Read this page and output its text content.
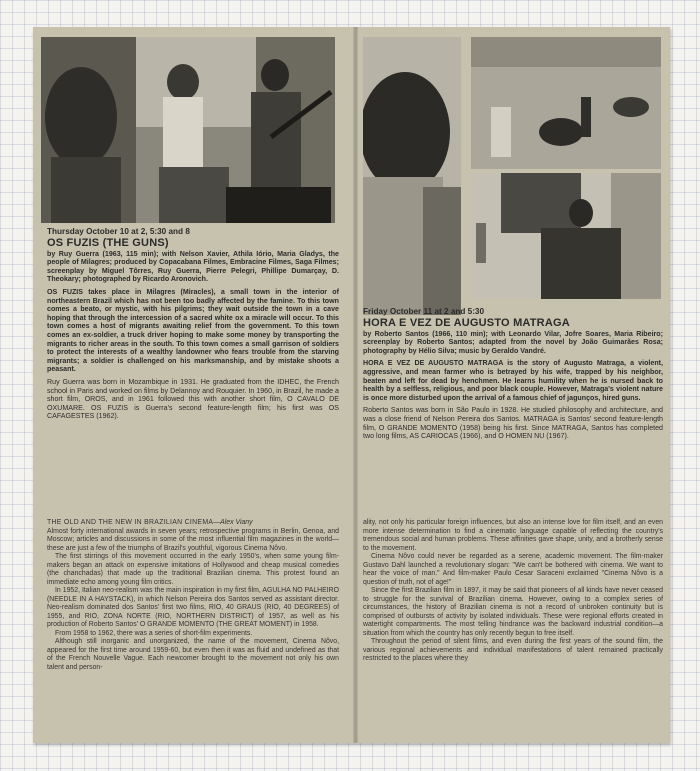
Thursday October 10 at 2, 5:30 and 8
OS FUZIS (THE GUNS)

by Ruy Guerra (1963, 115 min); with Nelson Xavier, Athila Iório, Maria Gladys, the people of Milagres; produced by Copacabana Filmes, Embracine Filmes, Saga Filmes; screenplay by Miguel Tôrres, Ruy Guerra, Pierre Pelegri, Phillipe Dumarçay, D. Theokary; photographed by Ricardo Aronovich.

OS FUZIS takes place in Milagres (Miracles), a small town in the interior of northeastern Brazil which has not been too badly affected by the famine. To this town comes a beato, or mystic, with his pilgrims; they wait outside the town in a cave hoping that through the intercession of a sacred white ox a miracle will occur. To this town comes a host of migrants awaiting relief from the government. To this town comes an ex-soldier, a truck driver hoping to make some money by transporting the migrants to richer areas in the south. To this town comes a small garrison of soldiers to protect the interests of a wealthy landowner who fears trouble from the starving migrants; a soldier is challenged on his marksmanship, and by mistake shoots a peasant.

Ruy Guerra was born in Mozambique in 1931. He graduated from the IDHEC, the French school in Paris and worked on films by Delannoy and Rouquier. In 1960, in Brazil, he made a short film, OROS, and in 1961 followed this with another short film, O CAVALO DE OXUMARE. OS FUZIS is Guerra's second feature-length film; his first was OS CAFAGESTES (1962).

Friday October 11 at 2 and 5:30
HORA E VEZ DE AUGUSTO MATRAGA

by Roberto Santos (1966, 110 min); with Leonardo Vilar, Jofre Soares, Maria Ribeiro; screenplay by Roberto Santos; adapted from the novel by João Guimarães Rosa; photography by Hélio Silva; music by Geraldo Vandré.

HORA E VEZ DE AUGUSTO MATRAGA is the story of Augusto Matraga, a violent, aggressive, and mean farmer who is betrayed by his wife, trapped by his neighbor, beaten and left for dead by henchmen. He learns humility when he is nursed back to health by a selfless, religious, and poor black couple. However, Matraga's violent nature is once more disturbed upon the arrival of a famous chief of jagunços, hired guns.

Roberto Santos was born in São Paulo in 1928. He studied philosophy and architecture, and was a close friend of Nelson Pereira dos Santos. MATRAGA is Santos' second feature-length film, O GRANDE MOMENTO (1958) being his first. Since MATRAGA, Santos has completed two long films, AS CARIOCAS (1966), and O HOMEN NU (1967).

THE OLD AND THE NEW IN BRAZILIAN CINEMA—Alex Viany

Almost forty international awards in seven years; retrospective programs in Berlin, Genoa, and Moscow; articles and discussions in some of the most influential film magazines in the world—these are just a few of the triumphs of Brazil's youthful, vigorous Cinema Nôvo.

The first stirrings of this movement occurred in the early 1950's, when some young film-makers began an attack on expensive imitations of Hollywood and cheap musical comedies (the chanchadas) that made up the traditional Brazilian cinema. This protest found an immediate echo among young film critics.

In 1952, Italian neo-realism was the main inspiration in my first film, AGULHA NO PALHEIRO (NEEDLE IN A HAYSTACK), in which Nelson Pereira dos Santos served as assistant director. Neo-realism dominated dos Santos' first two films, RIO, 40 GRAUS (RIO, 40 DEGREES) of 1955, and RIO, ZONA NORTE (RIO, NORTHERN DISTRICT) of 1957, as well as his production of Roberto Santos' O GRANDE MOMENTO (THE GREAT MOMENT) in 1958.

From 1958 to 1962, there was a series of short-film experiments.

Although still inorganic and unorganized, the name of the movement, Cinema Nôvo, appeared for the first time around 1959-60, but even then it was as fluid and undefined as that of the French Nouvelle Vague. Each newcomer brought to the movement not only his own talent and person-

ality, not only his particular foreign influences, but also an intense love for film itself, and an even more intense determination to find a cinematic language capable of reflecting the country's tremendous social and human problems. These affinities gave shape, unity, and a brotherly sense to the movement.

Cinema Nôvo could never be regarded as a serene, academic movement. The film-maker Gustavo Dahl launched a revolutionary slogan: "We can't be bothered with cinema. We want to hear the voice of man." And film-maker Paulo Cesar Saraceni exclaimed "Cinema Nôvo is a question of truth, not of age!"

Since the first Brazilian film in 1897, it may be said that pioneers of all kinds have never ceased to struggle for the survival of Brazilian cinema. However, owing to a complex series of circumstances, the history of Brazilian cinema is not a record of unbroken continuity but is comprised of outbursts of activity by isolated individuals. These were regional efforts created in watertight compartments. The most telling hindrance was the backward industrial condition—a situation from which the country has only recently begun to free itself.

Throughout the period of silent films, and even during the first years of the sound film, the various regional achievements and individual manifestations of talent remained practically restricted to the places where they
